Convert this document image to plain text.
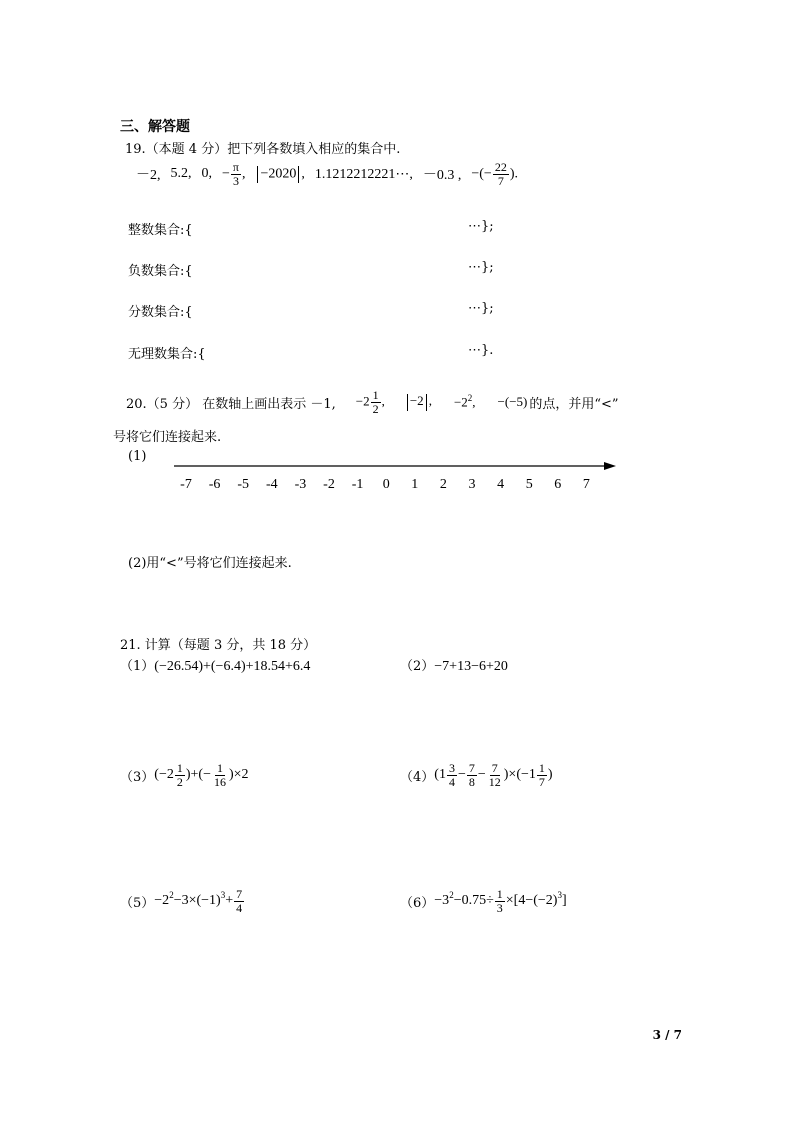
三、解答题
19.（本题 4 分）把下列各数填入相应的集合中.
－2, 5.2, 0, − $\frac{\pi}{3}$ ,	−2020 , 1.1212212221⋯, －0.3 , −(− $\frac{22}{7}$ ).
整数集合:{	⋯};
负数集合:{	⋯};
分数集合:{	⋯};
无理数集合:{	⋯}.
20.（5 分） 在数轴上画出表示 －1, $-2 \frac{1}{2}$ ,	−2 , $-2^2$, −(−5) 的点，并用“<”
号将它们连接起来.
(1)
-7 -6 -5 -4 -3 -2 -1 0 1 2 3 4 5 6 7
(2)用“<”号将它们连接起来.
21. 计算（每题 3 分，共 18 分）
（1）(−26.54)+(−6.4)+18.54+6.4	（2）−7+13−6+20
（3） ($-2 \frac{1}{2}$ )+(− $\frac{1}{16} )\times 2$	（4） $(1 \frac{3}{4} - \frac{7}{8} - \frac{7}{12} )\times(-1 \frac{1}{7}$ )
$(5) -2^2 -3\times(-1)^3 + \frac{7}{4}$	$(6) -3^2 -0.75\div \frac{1}{3} \times[4-(-2)^3$ ]
3 / 7
